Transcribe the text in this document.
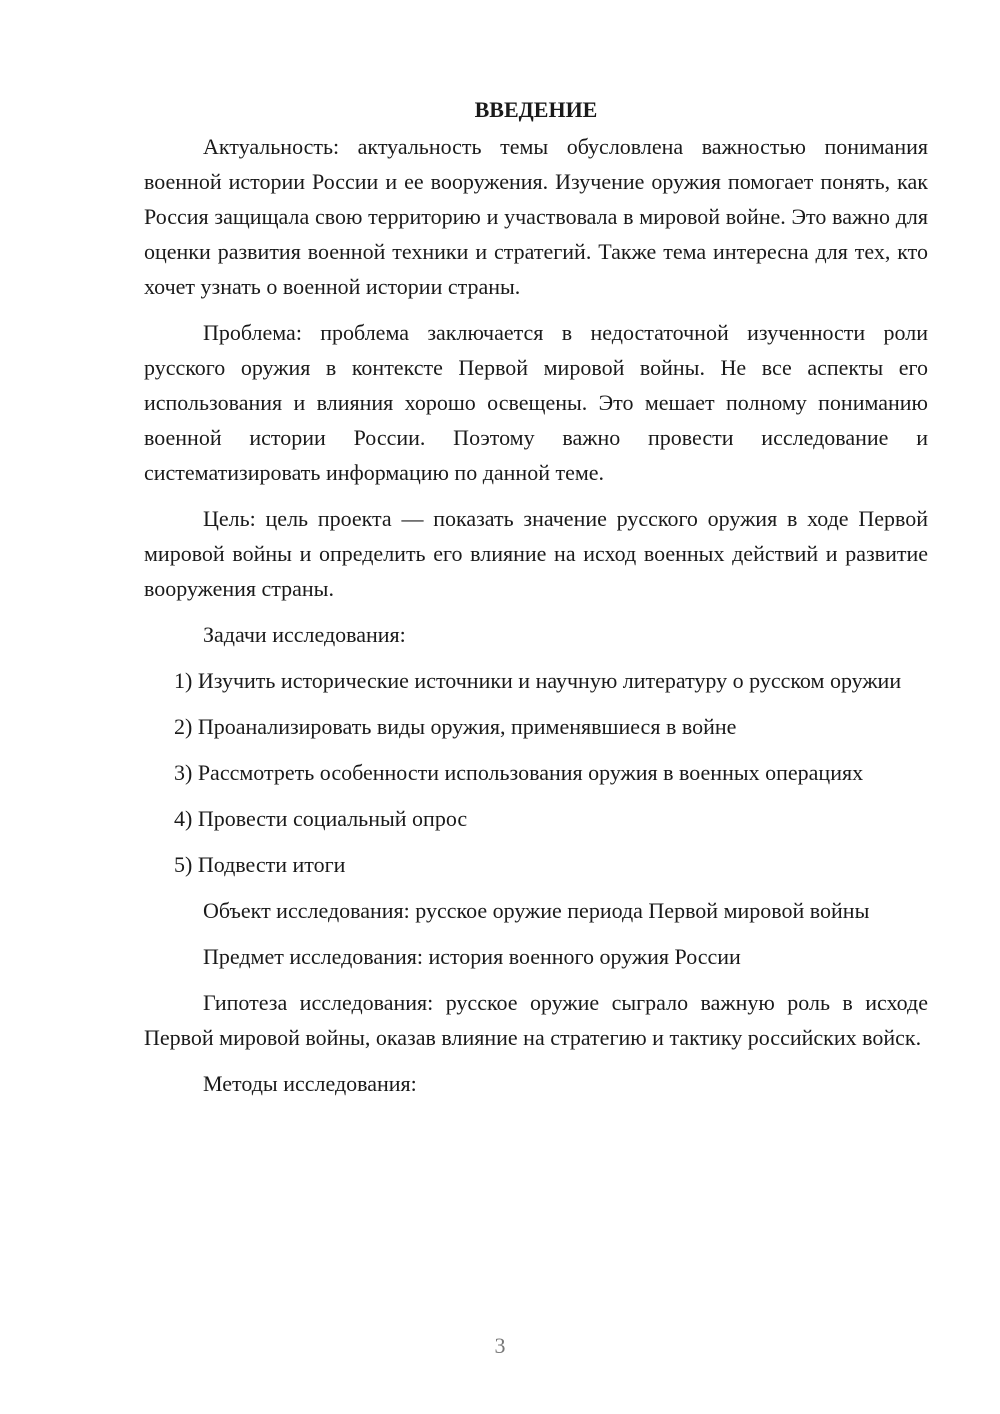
ВВЕДЕНИЕ

Актуальность: актуальность темы обусловлена важностью понимания военной истории России и ее вооружения. Изучение оружия помогает понять, как Россия защищала свою территорию и участвовала в мировой войне. Это важно для оценки развития военной техники и стратегий. Также тема интересна для тех, кто хочет узнать о военной истории страны.

Проблема: проблема заключается в недостаточной изученности роли русского оружия в контексте Первой мировой войны. Не все аспекты его использования и влияния хорошо освещены. Это мешает полному пониманию военной истории России. Поэтому важно провести исследование и систематизировать информацию по данной теме.

Цель: цель проекта — показать значение русского оружия в ходе Первой мировой войны и определить его влияние на исход военных действий и развитие вооружения страны.

Задачи исследования:

1) Изучить исторические источники и научную литературу о русском оружии

2) Проанализировать виды оружия, применявшиеся в войне

3) Рассмотреть особенности использования оружия в военных операциях

4) Провести социальный опрос

5) Подвести итоги

Объект исследования: русское оружие периода Первой мировой войны

Предмет исследования: история военного оружия России

Гипотеза исследования: русское оружие сыграло важную роль в исходе Первой мировой войны, оказав влияние на стратегию и тактику российских войск.

Методы исследования:

3
